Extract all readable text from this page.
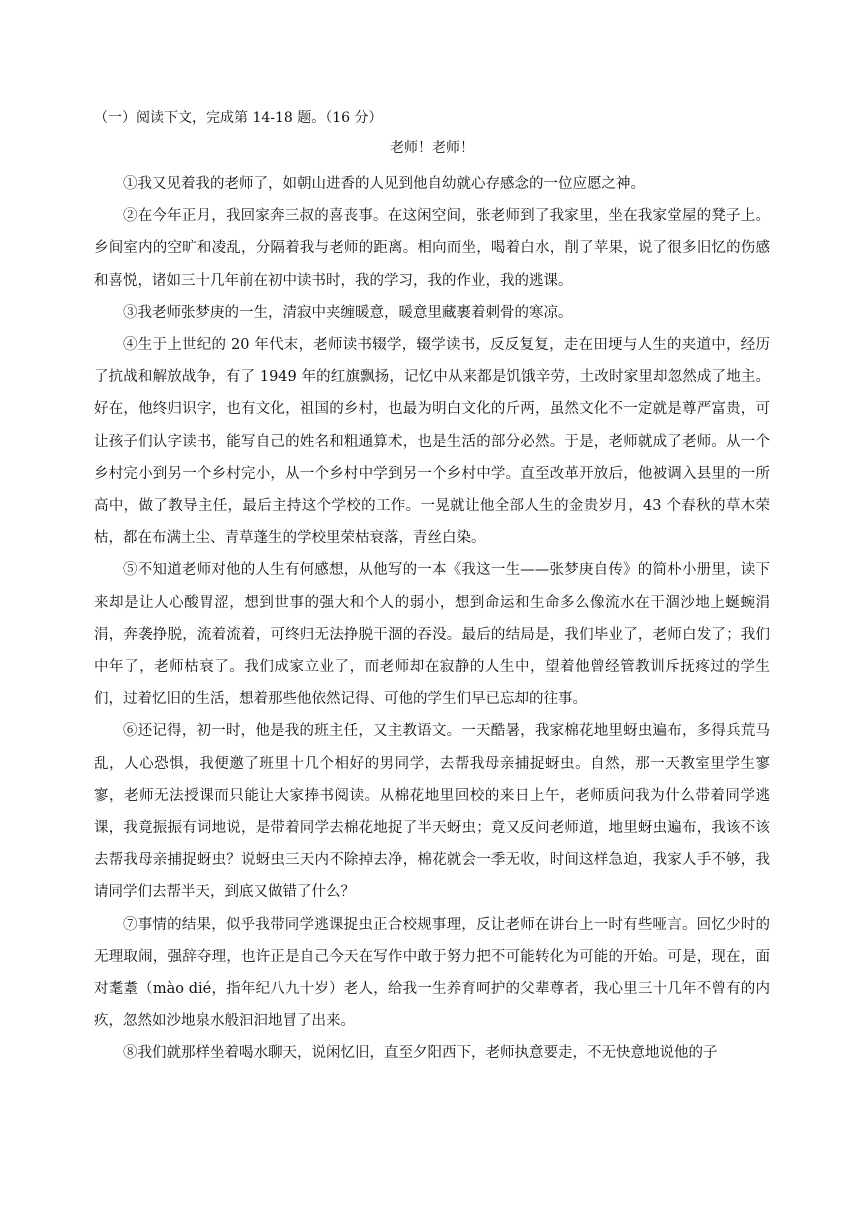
（一）阅读下文，完成第 14-18 题。（16 分）

老师！老师！

①我又见着我的老师了，如朝山进香的人见到他自幼就心存感念的一位应愿之神。

②在今年正月，我回家奔三叔的喜丧事。在这闲空间，张老师到了我家里，坐在我家堂屋的凳子上。乡间室内的空旷和凌乱，分隔着我与老师的距离。相向而坐，喝着白水，削了苹果，说了很多旧忆的伤感和喜悦，诸如三十几年前在初中读书时，我的学习，我的作业，我的逃课。

③我老师张梦庚的一生，清寂中夹缠暖意，暖意里藏裹着刺骨的寒凉。

④生于上世纪的 20 年代末，老师读书辍学，辍学读书，反反复复，走在田埂与人生的夹道中，经历了抗战和解放战争，有了 1949 年的红旗飘扬，记忆中从来都是饥饿辛劳，土改时家里却忽然成了地主。好在，他终归识字，也有文化，祖国的乡村，也最为明白文化的斤两，虽然文化不一定就是尊严富贵，可让孩子们认字读书，能写自己的姓名和粗通算术，也是生活的部分必然。于是，老师就成了老师。从一个乡村完小到另一个乡村完小，从一个乡村中学到另一个乡村中学。直至改革开放后，他被调入县里的一所高中，做了教导主任，最后主持这个学校的工作。一晃就让他全部人生的金贵岁月，43 个春秋的草木荣枯，都在布满土尘、青草蓬生的学校里荣枯衰落，青丝白染。

⑤不知道老师对他的人生有何感想，从他写的一本《我这一生——张梦庚自传》的简朴小册里，读下来却是让人心酸胃涩，想到世事的强大和个人的弱小，想到命运和生命多么像流水在干涸沙地上蜒蜿涓涓，奔袭挣脱，流着流着，可终归无法挣脱干涸的吞没。最后的结局是，我们毕业了，老师白发了；我们中年了，老师枯衰了。我们成家立业了，而老师却在寂静的人生中，望着他曾经管教训斥抚疼过的学生们，过着忆旧的生活，想着那些他依然记得、可他的学生们早已忘却的往事。

⑥还记得，初一时，他是我的班主任，又主教语文。一天酷暑，我家棉花地里蚜虫遍布，多得兵荒马乱，人心恐惧，我便邀了班里十几个相好的男同学，去帮我母亲捕捉蚜虫。自然，那一天教室里学生寥寥，老师无法授课而只能让大家捧书阅读。从棉花地里回校的来日上午，老师质问我为什么带着同学逃课，我竟振振有词地说，是带着同学去棉花地捉了半天蚜虫；竟又反问老师道，地里蚜虫遍布，我该不该去帮我母亲捕捉蚜虫？说蚜虫三天内不除掉去净，棉花就会一季无收，时间这样急迫，我家人手不够，我请同学们去帮半天，到底又做错了什么？

⑦事情的结果，似乎我带同学逃课捉虫正合校规事理，反让老师在讲台上一时有些哑言。回忆少时的无理取闹，强辞夺理，也许正是自己今天在写作中敢于努力把不可能转化为可能的开始。可是，现在，面对耄耋（mào dié，指年纪八九十岁）老人，给我一生养育呵护的父辈尊者，我心里三十几年不曾有的内疚，忽然如沙地泉水般汩汩地冒了出来。

⑧我们就那样坐着喝水聊天，说闲忆旧，直至夕阳西下，老师执意要走，不无快意地说他的子
